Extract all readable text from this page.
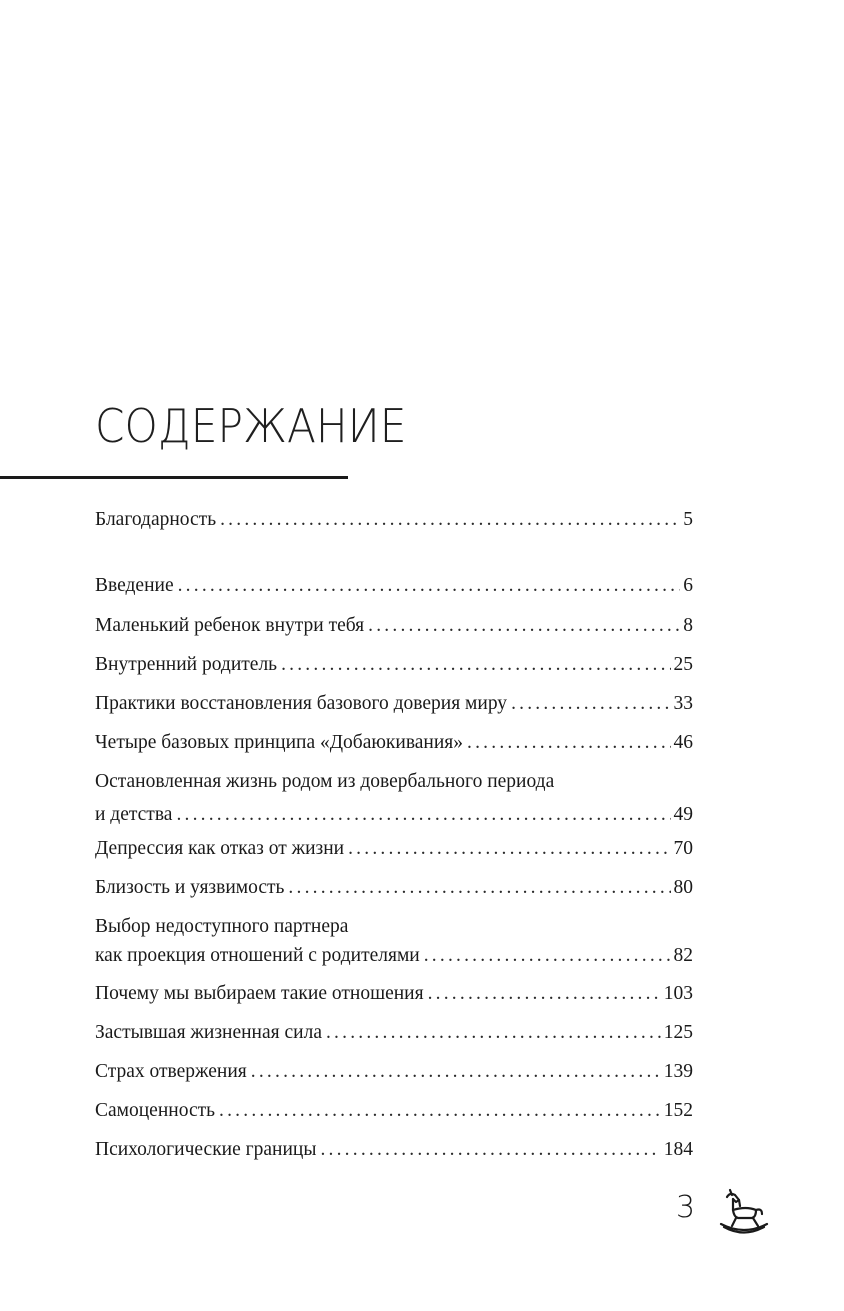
СОДЕРЖАНИЕ
Благодарность .....	5
Введение .....	6
Маленький ребенок внутри тебя .....	8
Внутренний родитель .....	25
Практики восстановления базового доверия миру .....	33
Четыре базовых принципа «Добаюкивания» .....	46
Остановленная жизнь родом из довербального периода
и детства .....	49
Депрессия как отказ от жизни .....	70
Близость и уязвимость .....	80
Выбор недоступного партнера
как проекция отношений с родителями .....	82
Почему мы выбираем такие отношения .....	103
Застывшая жизненная сила .....	125
Страх отвержения .....	139
Самоценность .....	152
Психологические границы .....	184
3
